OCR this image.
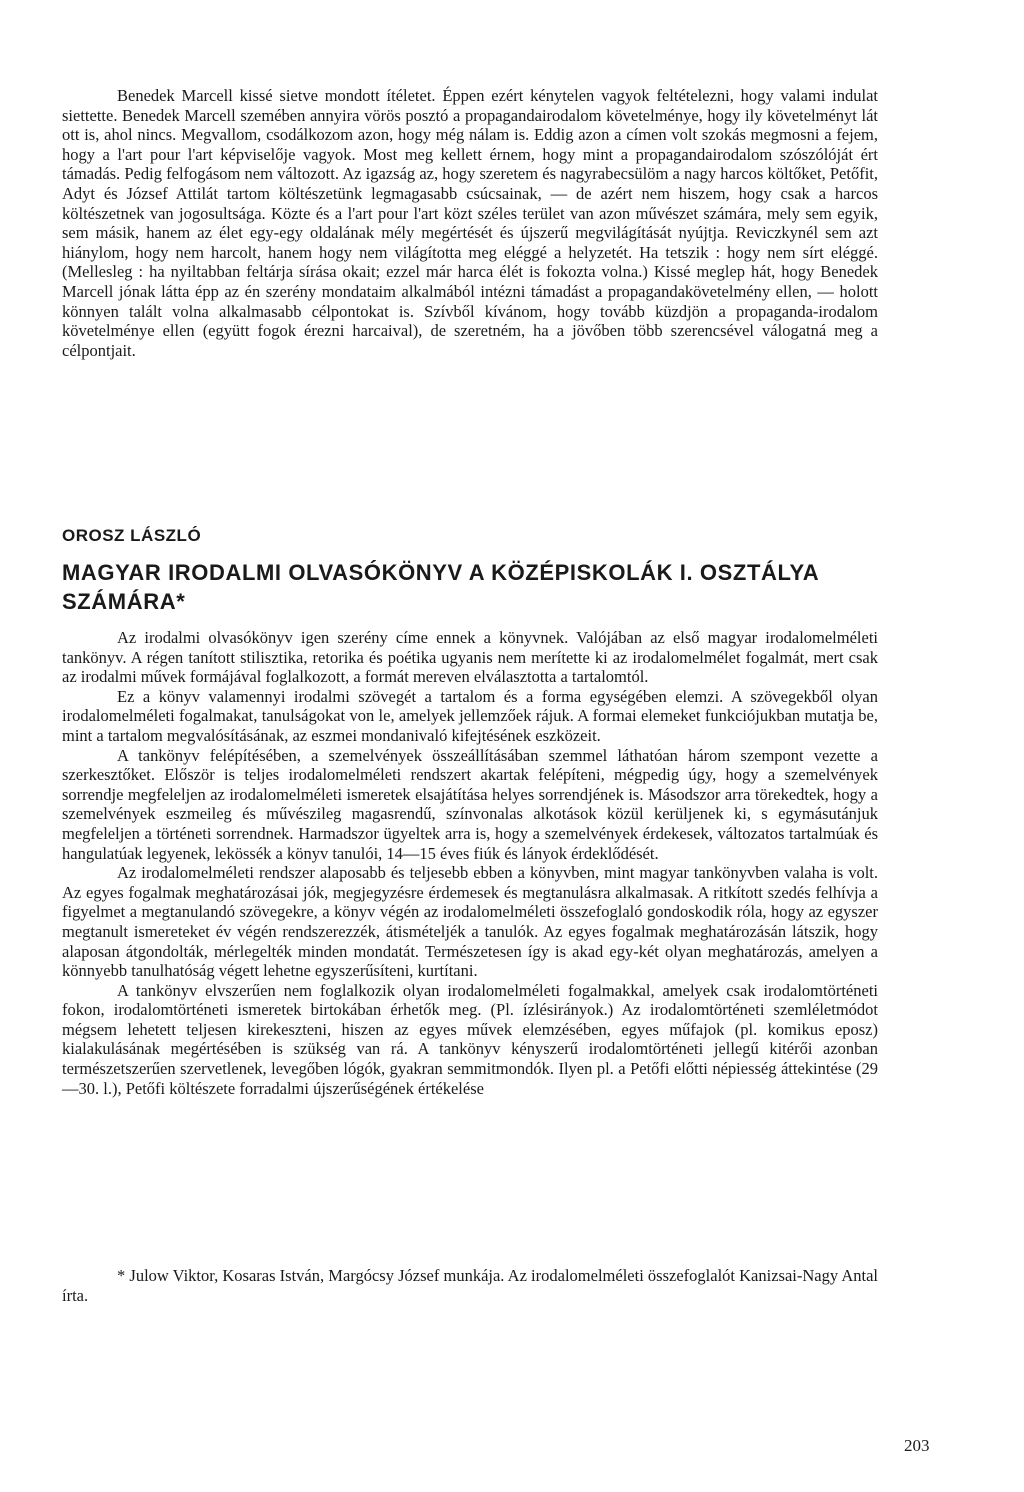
Benedek Marcell kissé sietve mondott ítéletet. Éppen ezért kénytelen vagyok feltételezni, hogy valami indulat siettette. Benedek Marcell szemében annyira vörös posztó a propagandairodalom követelménye, hogy ily követelményt lát ott is, ahol nincs. Megvallom, csodálkozom azon, hogy még nálam is. Eddig azon a címen volt szokás megmosni a fejem, hogy a l'art pour l'art képviselője vagyok. Most meg kellett érnem, hogy mint a propagandairodalom szószólóját ért támadás. Pedig felfogásom nem változott. Az igazság az, hogy szeretem és nagyrabecsülöm a nagy harcos költőket, Petőfit, Adyt és József Attilát tartom költészetünk legmagasabb csúcsainak, — de azért nem hiszem, hogy csak a harcos költészetnek van jogosultsága. Közte és a l'art pour l'art közt széles terület van azon művészet számára, mely sem egyik, sem másik, hanem az élet egy-egy oldalának mély megértését és újszerű megvilágítását nyújtja. Reviczkynél sem azt hiánylom, hogy nem harcolt, hanem hogy nem világította meg eléggé a helyzetét. Ha tetszik : hogy nem sírt eléggé. (Mellesleg : ha nyiltabban feltárja sírása okait; ezzel már harca élét is fokozta volna.) Kissé meglep hát, hogy Benedek Marcell jónak látta épp az én szerény mondataim alkalmából intézni támadást a propagandakövetelmény ellen, — holott könnyen talált volna alkalmasabb célpontokat is. Szívből kívánom, hogy tovább küzdjön a propaganda-irodalom követelménye ellen (együtt fogok érezni harcaival), de szeretném, ha a jövőben több szerencsével válogatná meg a célpontjait.

OROSZ LÁSZLÓ

MAGYAR IRODALMI OLVASÓKÖNYV A KÖZÉPISKOLÁK I. OSZTÁLYA SZÁMÁRA*

Az irodalmi olvasókönyv igen szerény címe ennek a könyvnek. Valójában az első magyar irodalomelméleti tankönyv. A régen tanított stilisztika, retorika és poétika ugyanis nem merítette ki az irodalomelmélet fogalmát, mert csak az irodalmi művek formájával foglalkozott, a formát mereven elválasztotta a tartalomtól.

Ez a könyv valamennyi irodalmi szövegét a tartalom és a forma egységében elemzi. A szövegekből olyan irodalomelméleti fogalmakat, tanulságokat von le, amelyek jellemzőek rájuk. A formai elemeket funkciójukban mutatja be, mint a tartalom megvalósításának, az eszmei mondanivaló kifejtésének eszközeit.

A tankönyv felépítésében, a szemelvények összeállításában szemmel láthatóan három szempont vezette a szerkesztőket. Először is teljes irodalomelméleti rendszert akartak felépíteni, mégpedig úgy, hogy a szemelvények sorrendje megfeleljen az irodalomelméleti ismeretek elsajátítása helyes sorrendjének is. Másodszor arra törekedtek, hogy a szemelvények eszmeileg és művészileg magasrendű, színvonalas alkotások közül kerüljenek ki, s egymásutánjuk megfeleljen a történeti sorrendnek. Harmadszor ügyeltek arra is, hogy a szemelvények érdekesek, változatos tartalmúak és hangulatúak legyenek, lekössék a könyv tanulói, 14—15 éves fiúk és lányok érdeklődését.

Az irodalomelméleti rendszer alaposabb és teljesebb ebben a könyvben, mint magyar tankönyvben valaha is volt. Az egyes fogalmak meghatározásai jók, megjegyzésre érdemesek és megtanulásra alkalmasak. A ritkított szedés felhívja a figyelmet a megtanulandó szövegekre, a könyv végén az irodalomelméleti összefoglaló gondoskodik róla, hogy az egyszer megtanult ismereteket év végén rendszerezzék, átismételjék a tanulók. Az egyes fogalmak meghatározásán látszik, hogy alaposan átgondolták, mérlegelték minden mondatát. Természetesen így is akad egy-két olyan meghatározás, amelyen a könnyebb tanulhatóság végett lehetne egyszerűsíteni, kurtítani.

A tankönyv elvszerűen nem foglalkozik olyan irodalomelméleti fogalmakkal, amelyek csak irodalomtörténeti fokon, irodalomtörténeti ismeretek birtokában érhetők meg. (Pl. ízlésirányok.) Az irodalomtörténeti szemléletmódot mégsem lehetett teljesen kirekeszteni, hiszen az egyes művek elemzésében, egyes műfajok (pl. komikus eposz) kialakulásának megértésében is szükség van rá. A tankönyv kényszerű irodalomtörténeti jellegű kitérői azonban természetszerűen szervetlenek, levegőben lógók, gyakran semmitmondók. Ilyen pl. a Petőfi előtti népiesség áttekintése (29—30. l.), Petőfi költészete forradalmi újszerűségének értékelése

* Julow Viktor, Kosaras István, Margócsy József munkája. Az irodalomelméleti összefoglalót Kanizsai-Nagy Antal írta.

203
